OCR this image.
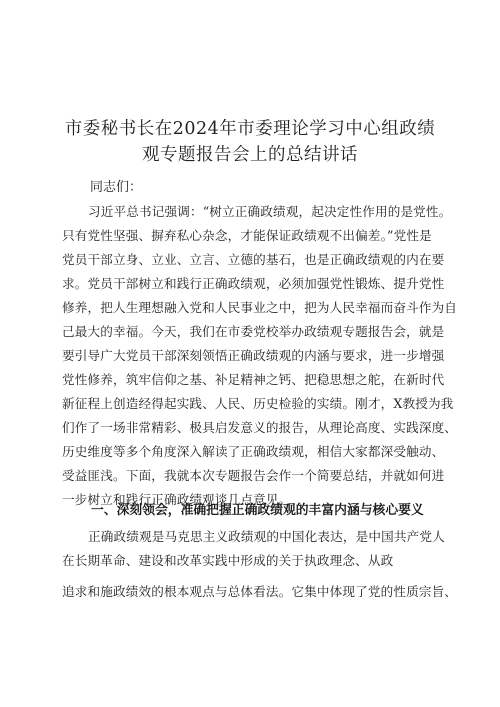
市委秘书长在2024年市委理论学习中心组政绩
观专题报告会上的总结讲话
同志们：
习近平总书记强调：“树立正确政绩观，起决定性作用的是党性。
只有党性坚强、摒弃私心杂念，才能保证政绩观不出偏差。”党性是
党员干部立身、立业、立言、立德的基石，也是正确政绩观的内在要
求。党员干部树立和践行正确政绩观，必须加强党性锻炼、提升党性
修养，把人生理想融入党和人民事业之中，把为人民幸福而奋斗作为自
己最大的幸福。今天，我们在市委党校举办政绩观专题报告会，就是
要引导广大党员干部深刻领悟正确政绩观的内涵与要求，进一步增强
党性修养，筑牢信仰之基、补足精神之钙、把稳思想之舵，在新时代
新征程上创造经得起实践、人民、历史检验的实绩。刚才，X教授为我
们作了一场非常精彩、极具启发意义的报告，从理论高度、实践深度、
历史维度等多个角度深入解读了正确政绩观，相信大家都深受触动、
受益匪浅。下面，我就本次专题报告会作一个简要总结，并就如何进
一步树立和践行正确政绩观谈几点意见。
一、深刻领会，准确把握正确政绩观的丰富内涵与核心要义
正确政绩观是马克思主义政绩观的中国化表达，是中国共产党人
在长期革命、建设和改革实践中形成的关于执政理念、从政
追求和施政绩效的根本观点与总体看法。它集中体现了党的性质宗旨、
